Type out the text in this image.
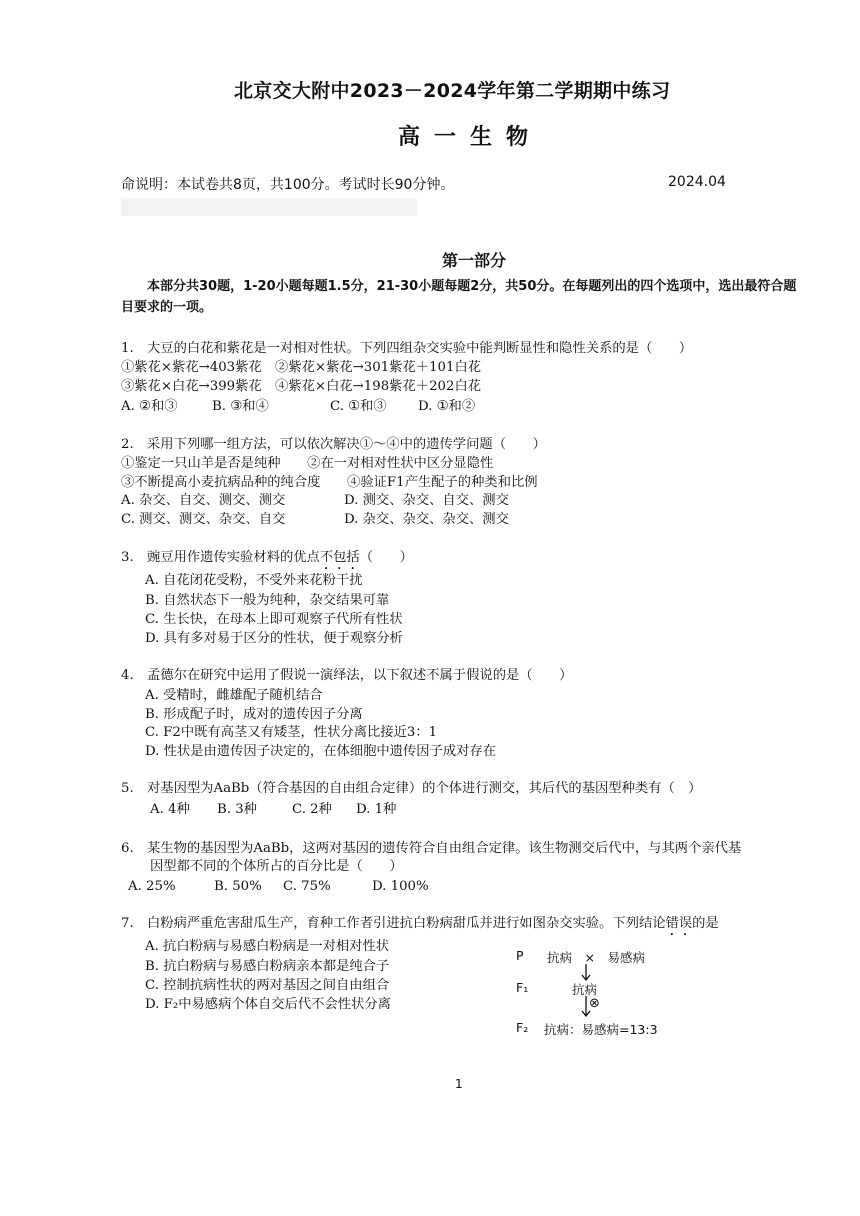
北京交大附中2023－2024学年第二学期期中练习
高一生物
命说明：本试卷共8页，共100分。考试时长90分钟。	2024.04
第一部分
本部分共30题，1-20小题每题1.5分，21-30小题每题2分，共50分。在每题列出的四个选项中，选出最符合题目要求的一项。
1.　大豆的白花和紫花是一对相对性状。下列四组杂交实验中能判断显性和隐性关系的是（　　）
①紫花×紫花→403紫花　②紫花×紫花→301紫花＋101白花
③紫花×白花→399紫花　④紫花×白花→198紫花＋202白花
A. ②和③	B. ③和④	C. ①和③ D. ①和②
2.　采用下列哪一组方法，可以依次解决①～④中的遗传学问题（　　）
①鉴定一只山羊是否是纯种　　②在一对相对性状中区分显隐性
③不断提高小麦抗病品种的纯合度　　④验证F1产生配子的种类和比例
A. 杂交、自交、测交、测交	D. 测交、杂交、自交、测交
C. 测交、测交、杂交、自交	D. 杂交、杂交、杂交、测交
3.　豌豆用作遗传实验材料的优点不包括（　　）
A. 自花闭花受粉，不受外来花粉干扰
B. 自然状态下一般为纯种，杂交结果可靠
C. 生长快，在母本上即可观察子代所有性状
D. 具有多对易于区分的性状，便于观察分析
4.　孟德尔在研究中运用了假说一演绎法，以下叙述不属于假说的是（　　）
A. 受精时，雌雄配子随机结合
B. 形成配子时，成对的遗传因子分离
C. F2中既有高茎又有矮茎，性状分离比接近3：1
D. 性状是由遗传因子决定的，在体细胞中遗传因子成对存在
5.　对基因型为AaBb（符合基因的自由组合定律）的个体进行测交，其后代的基因型种类有（　）
A. 4种 B. 3种	C. 2种 D. 1种
6.　某生物的基因型为AaBb，这两对基因的遗传符合自由组合定律。该生物测交后代中，与其两个亲代基
因型都不同的个体所占的百分比是（　　）
A. 25%	B. 50% C. 75%	D. 100%
7.　白粉病严重危害甜瓜生产，育种工作者引进抗白粉病甜瓜并进行如图杂交实验。下列结论错误的是
A. 抗白粉病与易感白粉病是一对相对性状
B. 抗白粉病与易感白粉病亲本都是纯合子
C. 控制抗病性状的两对基因之间自由组合
D. F₂中易感病个体自交后代不会性状分离
P 抗病　×　易感病
F₁	抗病
⊗
F₂ 抗病：易感病=13:3
1
